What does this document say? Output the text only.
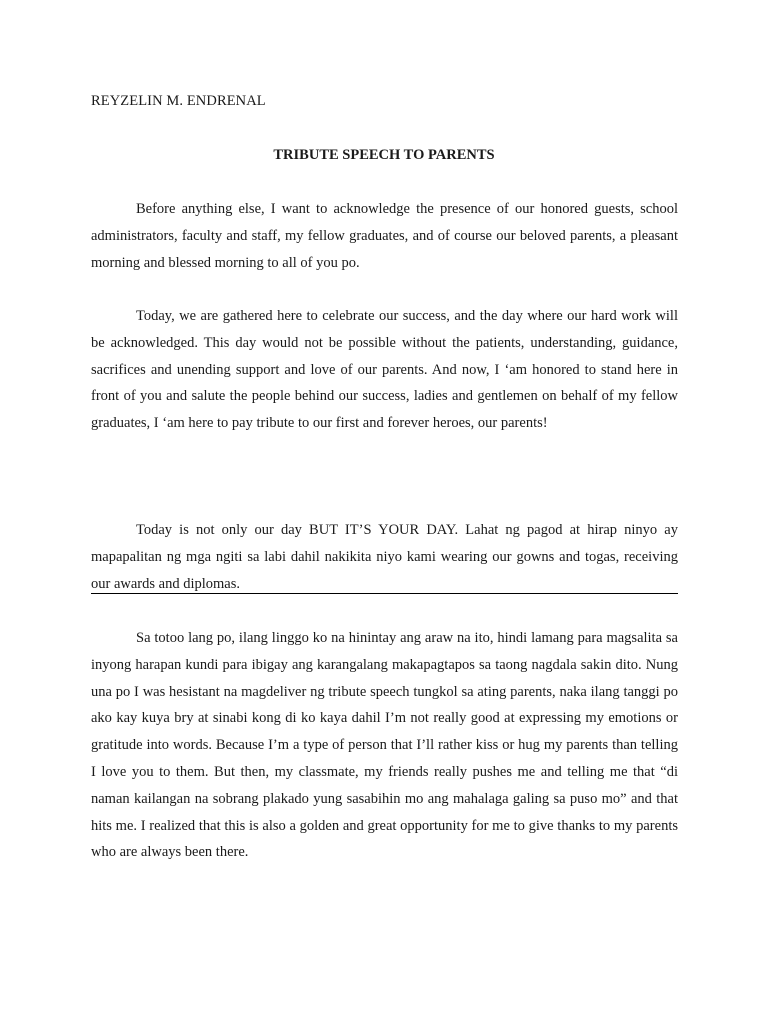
REYZELIN M. ENDRENAL
TRIBUTE SPEECH TO PARENTS

Before anything else, I want to acknowledge the presence of our honored guests, school administrators, faculty and staff, my fellow graduates, and of course our beloved parents, a pleasant morning and blessed morning to all of you po.

Today, we are gathered here to celebrate our success, and the day where our hard work will be acknowledged. This day would not be possible without the patients, understanding, guidance, sacrifices and unending support and love of our parents. And now, I ‘am honored to stand here in front of you and salute the people behind our success, ladies and gentlemen on behalf of my fellow graduates, I ‘am here to pay tribute to our first and forever heroes, our parents!

Today is not only our day BUT IT’S YOUR DAY. Lahat ng pagod at hirap ninyo ay mapapalitan ng mga ngiti sa labi dahil nakikita niyo kami wearing our gowns and togas, receiving our awards and diplomas.

Sa totoo lang po, ilang linggo ko na hinintay ang araw na ito, hindi lamang para magsalita sa inyong harapan kundi para ibigay ang karangalang makapagtapos sa taong nagdala sakin dito. Nung una po I was hesistant na magdeliver ng tribute speech tungkol sa ating parents, naka ilang tanggi po ako kay kuya bry at sinabi kong di ko kaya dahil I’m not really good at expressing my emotions or gratitude into words. Because I’m a type of person that I’ll rather kiss or hug my parents than telling I love you to them. But then, my classmate, my friends really pushes me and telling me that “di naman kailangan na sobrang plakado yung sasabihin mo ang mahalaga galing sa puso mo” and that hits me. I realized that this is also a golden and great opportunity for me to give thanks to my parents who are always been there.
